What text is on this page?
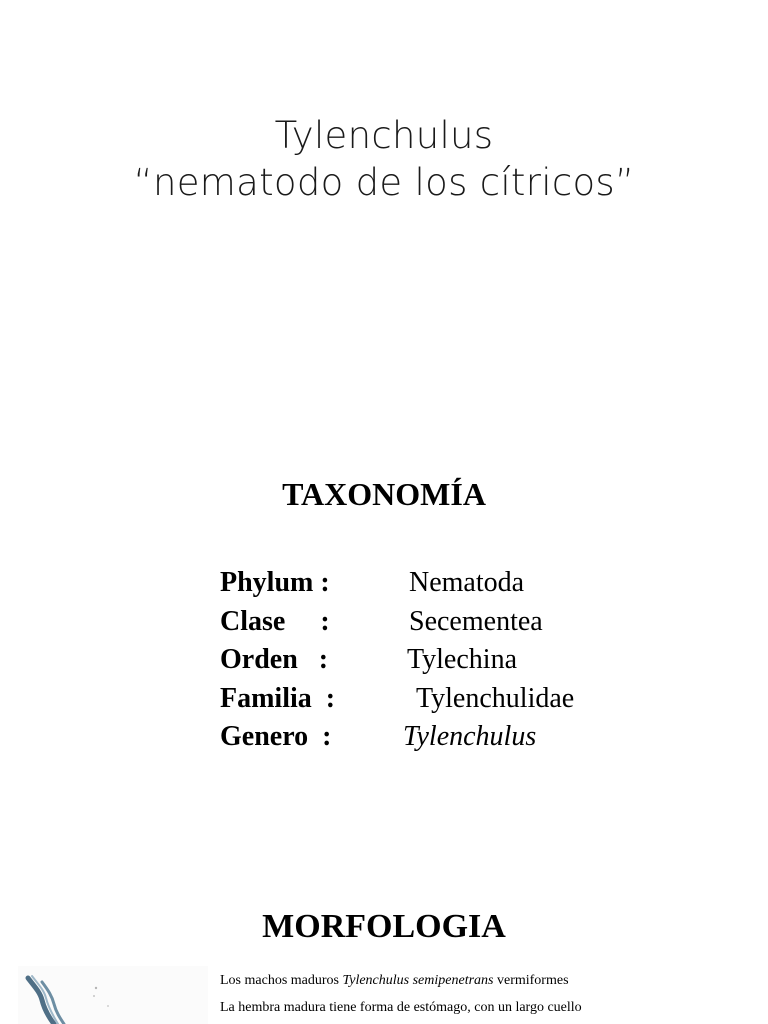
Tylenchulus
“nematodo de los cítricos”
TAXONOMÍA
Phylum :	Nematoda
Clase     :	Secementea
Orden   :	Tylechina
Familia  :	Tylenchulidae
Genero  :	Tylenchulus
MORFOLOGIA
Los machos maduros Tylenchulus semipenetrans vermiformes
La hembra madura tiene forma de estómago, con un largo cuello
